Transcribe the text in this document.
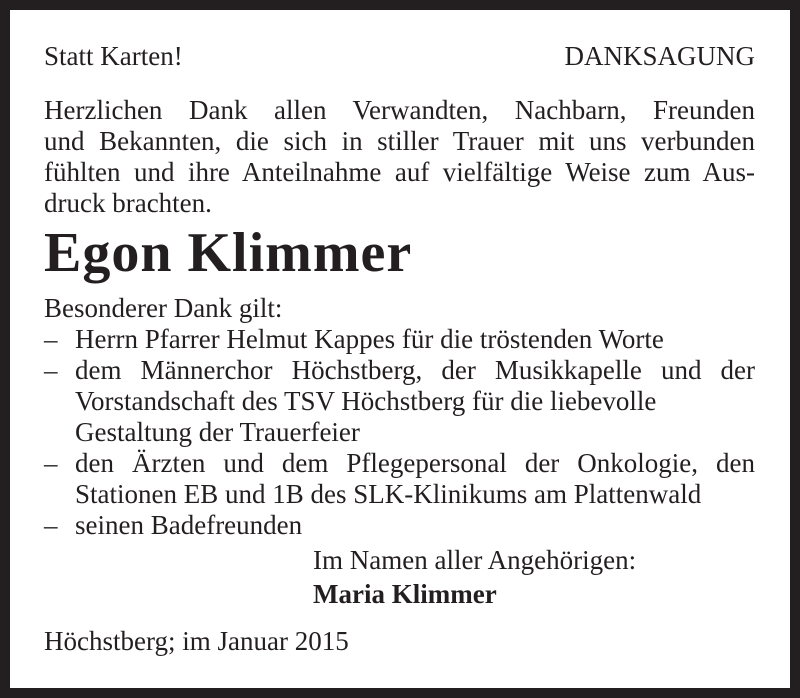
Statt Karten!	DANKSAGUNG
Herzlichen Dank allen Verwandten, Nachbarn, Freunden
und Bekannten, die sich in stiller Trauer mit uns verbunden
fühlten und ihre Anteilnahme auf vielfältige Weise zum Aus-
druck brachten.
Egon Klimmer
Besonderer Dank gilt:
– Herrn Pfarrer Helmut Kappes für die tröstenden Worte
– dem Männerchor Höchstberg, der Musikkapelle und der
Vorstandschaft des TSV Höchstberg für die liebevolle
Gestaltung der Trauerfeier
– den Ärzten und dem Pflegepersonal der Onkologie, den
Stationen EB und 1B des SLK-Klinikums am Plattenwald
– seinen Badefreunden
Im Namen aller Angehörigen:
Maria Klimmer
Höchstberg; im Januar 2015
